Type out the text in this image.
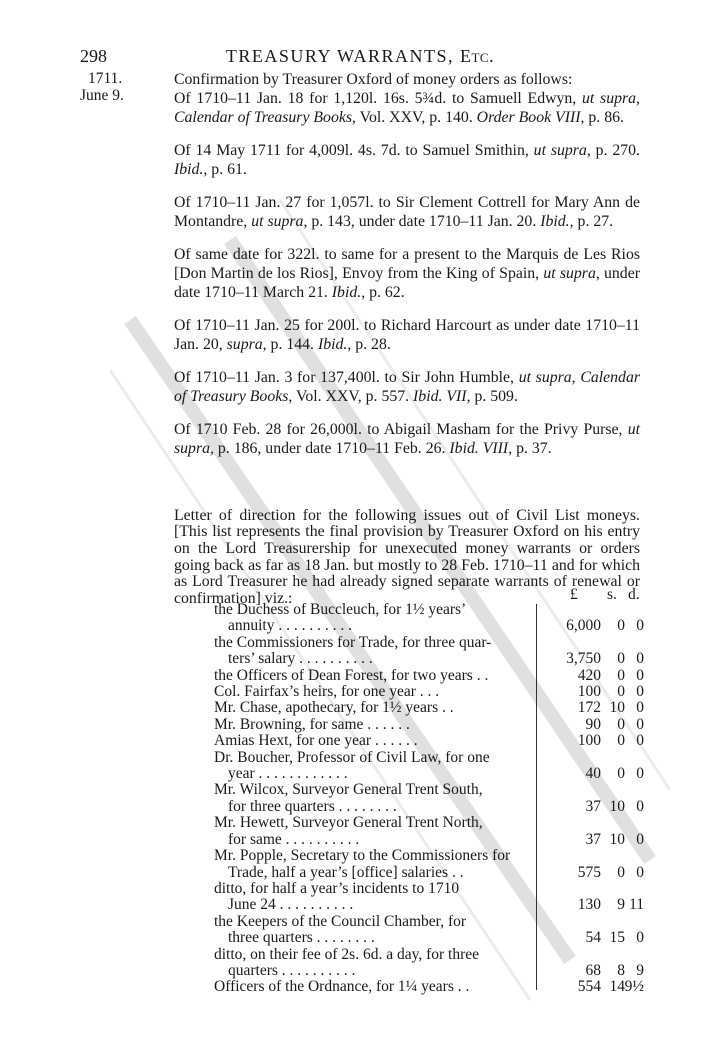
298	TREASURY WARRANTS, Etc.
1711.
June 9.

Confirmation by Treasurer Oxford of money orders as follows:

Of 1710–11 Jan. 18 for 1,120l. 16s. 5¾d. to Samuell Edwyn, ut supra, Calendar of Treasury Books, Vol. XXV, p. 140. Order Book VIII, p. 86.

Of 14 May 1711 for 4,009l. 4s. 7d. to Samuel Smithin, ut supra, p. 270. Ibid., p. 61.

Of 1710–11 Jan. 27 for 1,057l. to Sir Clement Cottrell for Mary Ann de Montandre, ut supra, p. 143, under date 1710–11 Jan. 20. Ibid., p. 27.

Of same date for 322l. to same for a present to the Marquis de Les Rios [Don Martin de los Rios], Envoy from the King of Spain, ut supra, under date 1710–11 March 21. Ibid., p. 62.

Of 1710–11 Jan. 25 for 200l. to Richard Harcourt as under date 1710–11 Jan. 20, supra, p. 144. Ibid., p. 28.

Of 1710–11 Jan. 3 for 137,400l. to Sir John Humble, ut supra, Calendar of Treasury Books, Vol. XXV, p. 557. Ibid. VII, p. 509.

Of 1710 Feb. 28 for 26,000l. to Abigail Masham for the Privy Purse, ut supra, p. 186, under date 1710–11 Feb. 26. Ibid. VIII, p. 37.

Letter of direction for the following issues out of Civil List moneys. [This list represents the final provision by Treasurer Oxford on his entry on the Lord Treasurership for unexecuted money warrants or orders going back as far as 18 Jan. but mostly to 28 Feb. 1710–11 and for which as Lord Treasurer he had already signed separate warrants of renewal or confirmation] viz.:	£ s. d.
the Duchess of Buccleuch, for 1½ years’
annuity . . . . . . . . . .	6,000 0 0
the Commissioners for Trade, for three quar-
ters’ salary . . . . . . . . . .	3,750 0 0
the Officers of Dean Forest, for two years . .	420 0 0
Col. Fairfax’s heirs, for one year . . .	100 0 0
Mr. Chase, apothecary, for 1½ years . .	172 10 0
Mr. Browning, for same . . . . . .	90 0 0
Amias Hext, for one year . . . . . .	100 0 0
Dr. Boucher, Professor of Civil Law, for one
year . . . . . . . . . . . .	40 0 0
Mr. Wilcox, Surveyor General Trent South,
for three quarters . . . . . . . .	37 10 0
Mr. Hewett, Surveyor General Trent North,
for same . . . . . . . . . .	37 10 0
Mr. Popple, Secretary to the Commissioners for
Trade, half a year’s [office] salaries . .	575 0 0
ditto, for half a year’s incidents to 1710
June 24 . . . . . . . . . .	130 9 11
the Keepers of the Council Chamber, for
three quarters . . . . . . . .	54 15 0
ditto, on their fee of 2s. 6d. a day, for three
quarters . . . . . . . . . .	68 8 9
Officers of the Ordnance, for 1¼ years . .	554 14 9½
